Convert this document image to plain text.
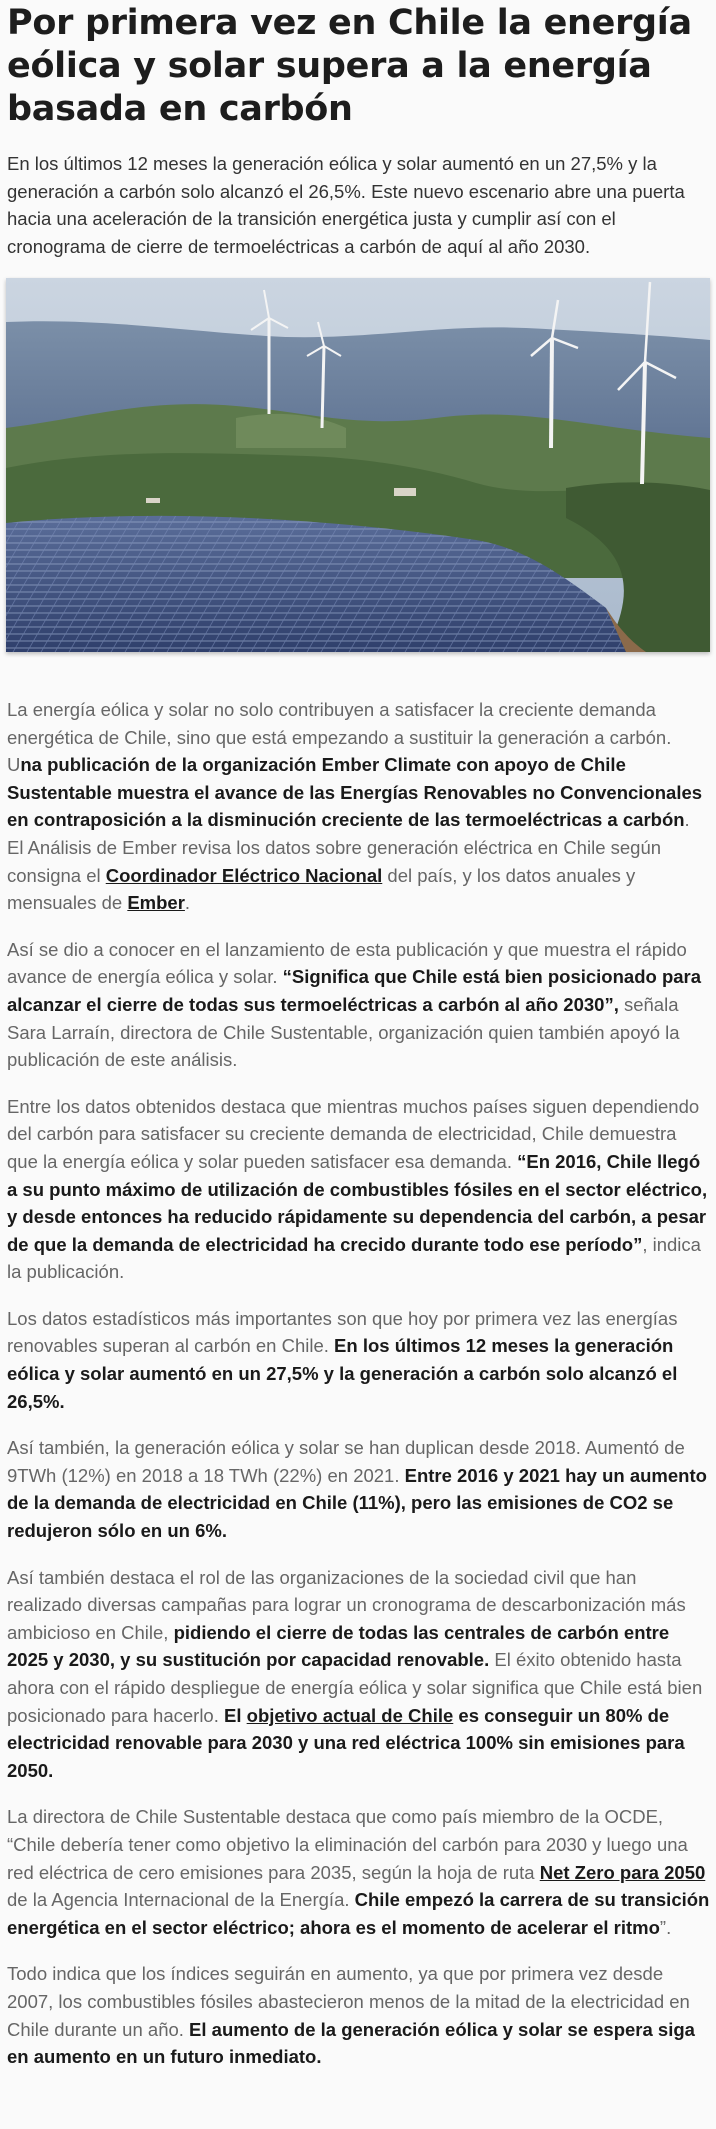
Por primera vez en Chile la energía eólica y solar supera a la energía basada en carbón

En los últimos 12 meses la generación eólica y solar aumentó en un 27,5% y la generación a carbón solo alcanzó el 26,5%. Este nuevo escenario abre una puerta hacia una aceleración de la transición energética justa y cumplir así con el cronograma de cierre de termoeléctricas a carbón de aquí al año 2030.

La energía eólica y solar no solo contribuyen a satisfacer la creciente demanda energética de Chile, sino que está empezando a sustituir la generación a carbón. Una publicación de la organización Ember Climate con apoyo de Chile Sustentable muestra el avance de las Energías Renovables no Convencionales en contraposición a la disminución creciente de las termoeléctricas a carbón. El Análisis de Ember revisa los datos sobre generación eléctrica en Chile según consigna el Coordinador Eléctrico Nacional del país, y los datos anuales y mensuales de Ember.

Así se dio a conocer en el lanzamiento de esta publicación y que muestra el rápido avance de energía eólica y solar. “Significa que Chile está bien posicionado para alcanzar el cierre de todas sus termoeléctricas a carbón al año 2030”, señala Sara Larraín, directora de Chile Sustentable, organización quien también apoyó la publicación de este análisis.

Entre los datos obtenidos destaca que mientras muchos países siguen dependiendo del carbón para satisfacer su creciente demanda de electricidad, Chile demuestra que la energía eólica y solar pueden satisfacer esa demanda. “En 2016, Chile llegó a su punto máximo de utilización de combustibles fósiles en el sector eléctrico, y desde entonces ha reducido rápidamente su dependencia del carbón, a pesar de que la demanda de electricidad ha crecido durante todo ese período”, indica la publicación.

Los datos estadísticos más importantes son que hoy por primera vez las energías renovables superan al carbón en Chile. En los últimos 12 meses la generación eólica y solar aumentó en un 27,5% y la generación a carbón solo alcanzó el 26,5%.

Así también, la generación eólica y solar se han duplican desde 2018. Aumentó de 9TWh (12%) en 2018 a 18 TWh (22%) en 2021. Entre 2016 y 2021 hay un aumento de la demanda de electricidad en Chile (11%), pero las emisiones de CO2 se redujeron sólo en un 6%.

Así también destaca el rol de las organizaciones de la sociedad civil que han realizado diversas campañas para lograr un cronograma de descarbonización más ambicioso en Chile, pidiendo el cierre de todas las centrales de carbón entre 2025 y 2030, y su sustitución por capacidad renovable. El éxito obtenido hasta ahora con el rápido despliegue de energía eólica y solar significa que Chile está bien posicionado para hacerlo. El objetivo actual de Chile es conseguir un 80% de electricidad renovable para 2030 y una red eléctrica 100% sin emisiones para 2050.

La directora de Chile Sustentable destaca que como país miembro de la OCDE, “Chile debería tener como objetivo la eliminación del carbón para 2030 y luego una red eléctrica de cero emisiones para 2035, según la hoja de ruta Net Zero para 2050 de la Agencia Internacional de la Energía. Chile empezó la carrera de su transición energética en el sector eléctrico; ahora es el momento de acelerar el ritmo”.

Todo indica que los índices seguirán en aumento, ya que por primera vez desde 2007, los combustibles fósiles abastecieron menos de la mitad de la electricidad en Chile durante un año. El aumento de la generación eólica y solar se espera siga en aumento en un futuro inmediato.
